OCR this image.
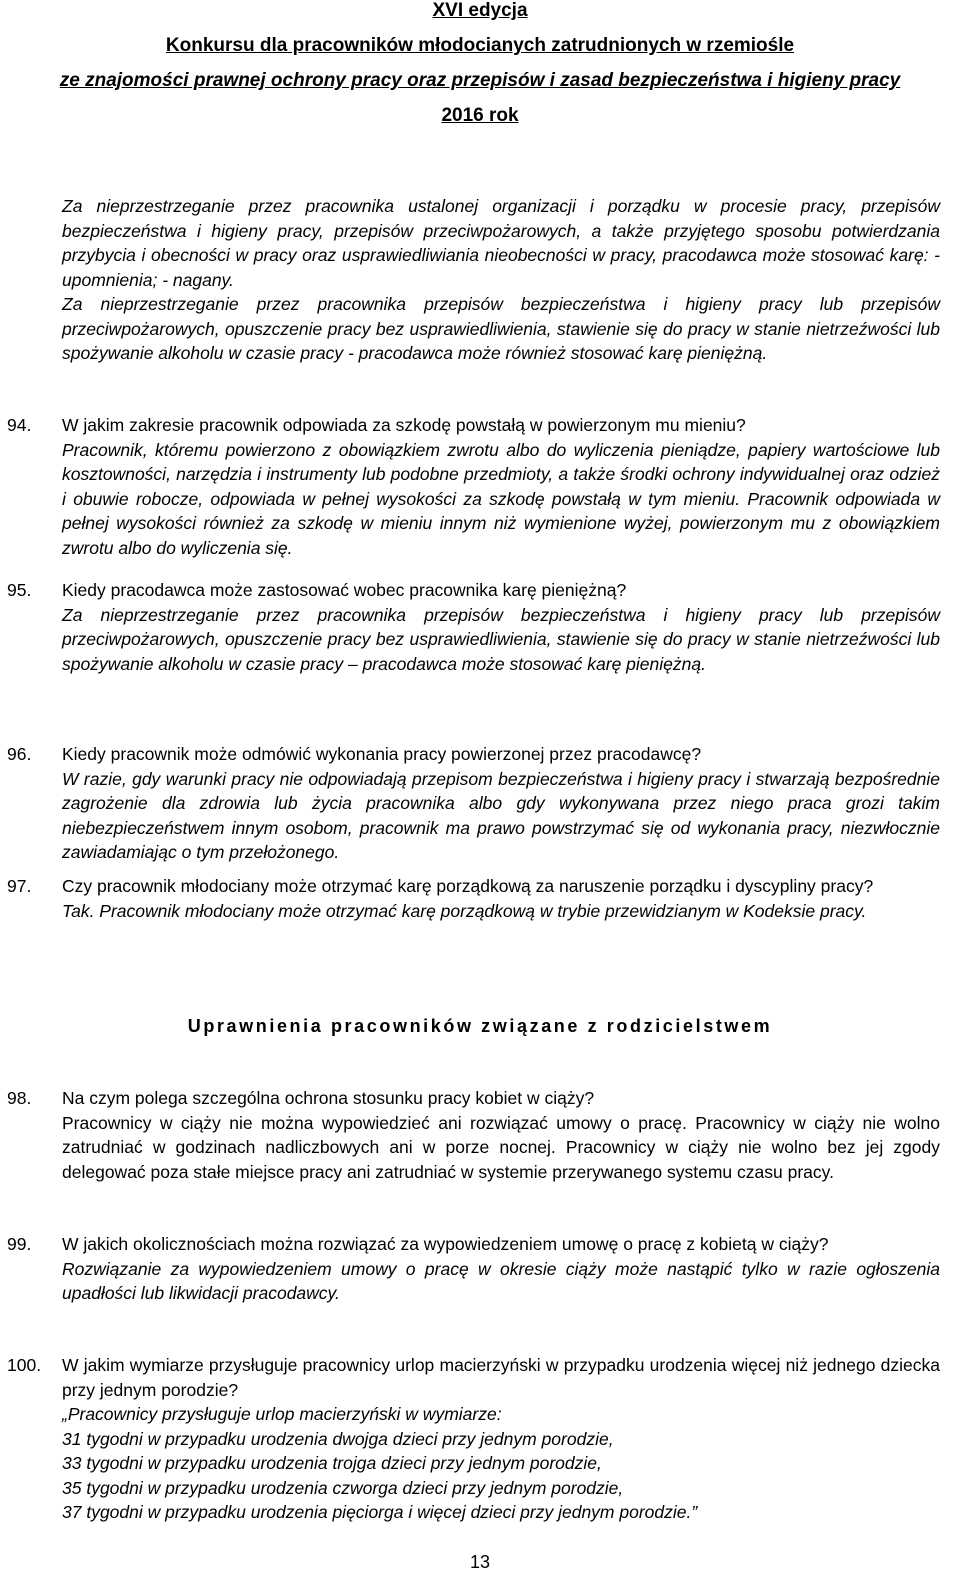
XVI edycja
Konkursu dla pracowników młodocianych zatrudnionych w rzemiośle
ze znajomości prawnej ochrony pracy oraz przepisów i zasad bezpieczeństwa i higieny pracy
2016 rok
Za nieprzestrzeganie przez pracownika ustalonej organizacji i porządku w procesie pracy, przepisów bezpieczeństwa i higieny pracy, przepisów przeciwpożarowych, a także przyjętego sposobu potwierdzania przybycia i obecności w pracy oraz usprawiedliwiania nieobecności w pracy, pracodawca może stosować karę: - upomnienia; - nagany.
Za nieprzestrzeganie przez pracownika przepisów bezpieczeństwa i higieny pracy lub przepisów przeciwpożarowych, opuszczenie pracy bez usprawiedliwienia, stawienie się do pracy w stanie nietrzeźwości lub spożywanie alkoholu w czasie pracy - pracodawca może również stosować karę pieniężną.
94. W jakim zakresie pracownik odpowiada za szkodę powstałą w powierzonym mu mieniu?
Pracownik, któremu powierzono z obowiązkiem zwrotu albo do wyliczenia pieniądze, papiery wartościowe lub kosztowności, narzędzia i instrumenty lub podobne przedmioty, a także środki ochrony indywidualnej oraz odzież i obuwie robocze, odpowiada w pełnej wysokości za szkodę powstałą w tym mieniu. Pracownik odpowiada w pełnej wysokości również za szkodę w mieniu innym niż wymienione wyżej, powierzonym mu z obowiązkiem zwrotu albo do wyliczenia się.
95. Kiedy pracodawca może zastosować wobec pracownika karę pieniężną?
Za nieprzestrzeganie przez pracownika przepisów bezpieczeństwa i higieny pracy lub przepisów przeciwpożarowych, opuszczenie pracy bez usprawiedliwienia, stawienie się do pracy w stanie nietrzeźwości lub spożywanie alkoholu w czasie pracy – pracodawca może stosować karę pieniężną.
96. Kiedy pracownik może odmówić wykonania pracy powierzonej przez pracodawcę?
W razie, gdy warunki pracy nie odpowiadają przepisom bezpieczeństwa i higieny pracy i stwarzają bezpośrednie zagrożenie dla zdrowia lub życia pracownika albo gdy wykonywana przez niego praca grozi takim niebezpieczeństwem innym osobom, pracownik ma prawo powstrzymać się od wykonania pracy, niezwłocznie zawiadamiając o tym przełożonego.
97. Czy pracownik młodociany może otrzymać karę porządkową za naruszenie porządku i dyscypliny pracy?
Tak. Pracownik młodociany może otrzymać karę porządkową w trybie przewidzianym w Kodeksie pracy.
Uprawnienia pracowników związane z rodzicielstwem
98. Na czym polega szczególna ochrona stosunku pracy kobiet w ciąży?
Pracownicy w ciąży nie można wypowiedzieć ani rozwiązać umowy o pracę. Pracownicy w ciąży nie wolno zatrudniać w godzinach nadliczbowych ani w porze nocnej. Pracownicy w ciąży nie wolno bez jej zgody delegować poza stałe miejsce pracy ani zatrudniać w systemie przerywanego systemu czasu pracy.
99. W jakich okolicznościach można rozwiązać za wypowiedzeniem umowę o pracę z kobietą w ciąży?
Rozwiązanie za wypowiedzeniem umowy o pracę w okresie ciąży może nastąpić tylko w razie ogłoszenia upadłości lub likwidacji pracodawcy.
100. W jakim wymiarze przysługuje pracownicy urlop macierzyński w przypadku urodzenia więcej niż jednego dziecka przy jednym porodzie?
„Pracownicy przysługuje urlop macierzyński w wymiarze:
31 tygodni w przypadku urodzenia dwojga dzieci przy jednym porodzie,
33 tygodni w przypadku urodzenia trojga dzieci przy jednym porodzie,
35 tygodni w przypadku urodzenia czworga dzieci przy jednym porodzie,
37 tygodni w przypadku urodzenia pięciorga i więcej dzieci przy jednym porodzie.”
13
